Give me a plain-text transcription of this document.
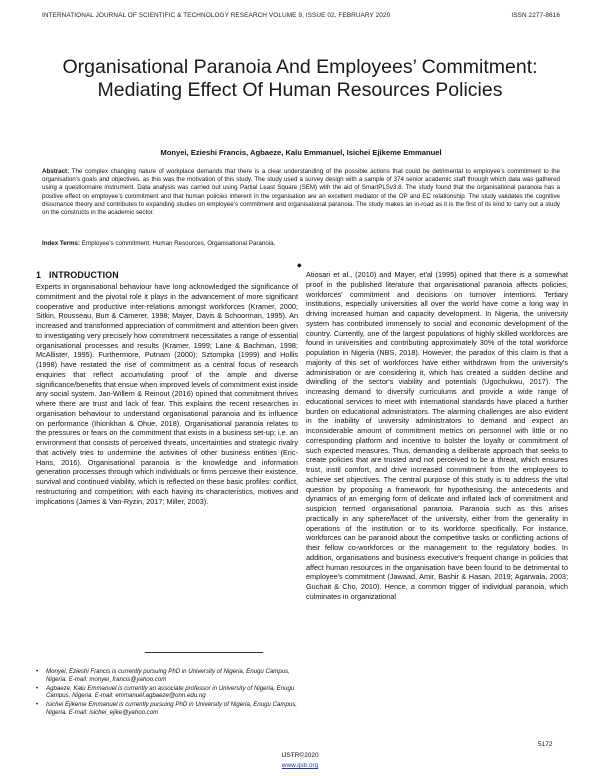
INTERNATIONAL JOURNAL OF SCIENTIFIC & TECHNOLOGY RESEARCH VOLUME 9, ISSUE 02, FEBRUARY 2020	ISSN 2277-8616
Organisational Paranoia And Employees’ Commitment: Mediating Effect Of Human Resources Policies
Monyei, Ezieshi Francis, Agbaeze, Kalu Emmanuel, Isichei Ejikeme Emmanuel

Abstract: The complex changing nature of workplace demands that there is a clear understanding of the possible actions that could be detrimental to employee’s commitment to the organisation’s goals and objectives, as this was the motivation of this study. The study used a survey design with a sample of 374 senior academic staff through which data was gathered using a questionnaire instrument. Data analysis was carried out using Partial Least Square (SEM) with the aid of SmartPLSv3.8. The study found that the organisational paranoia has a positive effect on employee’s commitment and that human policies inherent in the organisation are an excellent mediator of the OP and EC relationship. The study validates the cognitive dissonance theory and contributes to expanding studies on employee’s commitment and organisational paranoia. The study makes an in-road as it is the first of its kind to carry out a study on the constructs in the academic sector.

Index Terms: Employee’s commitment, Human Resources, Organisational Paranoia.

1   INTRODUCTION
◆

Experts in organisational behaviour have long acknowledged the significance of commitment and the pivotal role it plays in the advancement of more significant cooperative and productive inter-relations amongst workforces (Kramer, 2000; Sitkin, Rousseau, Burt & Camerer, 1998; Mayer, Davis & Schoorman, 1995). An increased and transformed appreciation of commitment and attention been given to investigating very precisely how commitment necessitates a range of essential organisational processes and results (Kramer, 1999; Lane & Bachman, 1998; McAllister, 1995). Furthermore, Putnam (2000); Sztompka (1999) and Hollis (1998) have restated the rise of commitment as a central focus of research enquiries that reflect accumulating proof of the ample and diverse significance/benefits that ensue when improved levels of commitment exist inside any social system. Jan-Willem & Reinout (2016) opined that commitment thrives where there are trust and lack of fear. This explains the recent researches in organisation behaviour to understand organisational paranoia and its influence on performance (Ihionkhan & Ohue, 2018). Organisational paranoia relates to the pressures or fears on the commitment that exists in a business set-up; i.e. an environment that consists of perceived threats, uncertainties and strategic rivalry that actively tries to undermine the activities of other business entities (Eric-Hans, 2016). Organisational paranoia is the knowledge and information generation processes through which individuals or firms perceive their existence, survival and continued viability, which is reflected on these basic profiles: conflict, restructuring and competition; with each having its characteristics, motives and implications (James & Van-Ryzin, 2017; Miller, 2003).

Atiosari et al., (2010) and Mayer, et'al (1995) opined that there is a somewhat proof in the published literature that organisational paranoia affects policies, workforces' commitment and decisions on turnover intentions. Tertiary institutions, especially universities all over the world have come a long way in driving increased human and capacity development. In Nigeria, the university system has contributed immensely to social and economic development of the country. Currently, one of the largest populations of highly skilled workforces are found in universities and contributing approximately 30% of the total workforce population in Nigeria (NBS, 2018). However, the paradox of this claim is that a majority of this set of workforces have either withdrawn from the university's administration or are considering it, which has created a sudden decline and dwindling of the sector's viability and potentials (Ugochukwu, 2017). The increasing demand to diversify curriculums and provide a wide range of educational services to meet with international standards have placed a further burden on educational administrators. The alarming challenges are also evident in the inability of university administrators to demand and expect an inconsiderable amount of commitment metrics on personnel with little or no corresponding platform and incentive to bolster the loyalty or commitment of such expected measures. Thus, demanding a deliberate approach that seeks to create policies that are trusted and not perceived to be a threat, which ensures trust, instil comfort, and drive increased commitment from the employees to achieve set objectives. The central purpose of this study is to address the vital question by proposing a framework for hypothesising the antecedents and dynamics of an emerging form of delicate and inflated lack of commitment and suspicion termed organisational paranoia. Paranoia such as this arises practically in any sphere/facet of the university, either from the generality in operations of the institution or to its workforce specifically. For instance, workforces can be paranoid about the competitive tasks or conflicting actions of their fellow co-workforces or the management to the regulatory bodies. In addition, organisations and business executive's frequent change in policies that affect human resources in the organisation have been found to be detrimental to employee's commitment (Jawaad, Amir, Bashir & Hasan, 2019; Agarwala, 2003; Guchait & Cho, 2010). Hence, a common trigger of individual paranoia, which culminates in organizational

• Monyei, Ezieshi Francis is currently pursuing PhD in University of Nigeria, Enugu Campus, Nigeria. E-mail: monyei_francis@yahoo.com
• Agbaeze, Kalu Emmanuel is currently an associate professor in University of Nigeria, Enugu Campus, Nigeria. E-mail: emmanuel.agbaeze@unn.edu.ng
• Isichei Ejikeme Emmanuel is currently pursuing PhD in University of Nigeria, Enugu Campus, Nigeria. E-mail: isichei_ejike@yahoo.com
5172
IJSTR©2020
www.ijstr.org
